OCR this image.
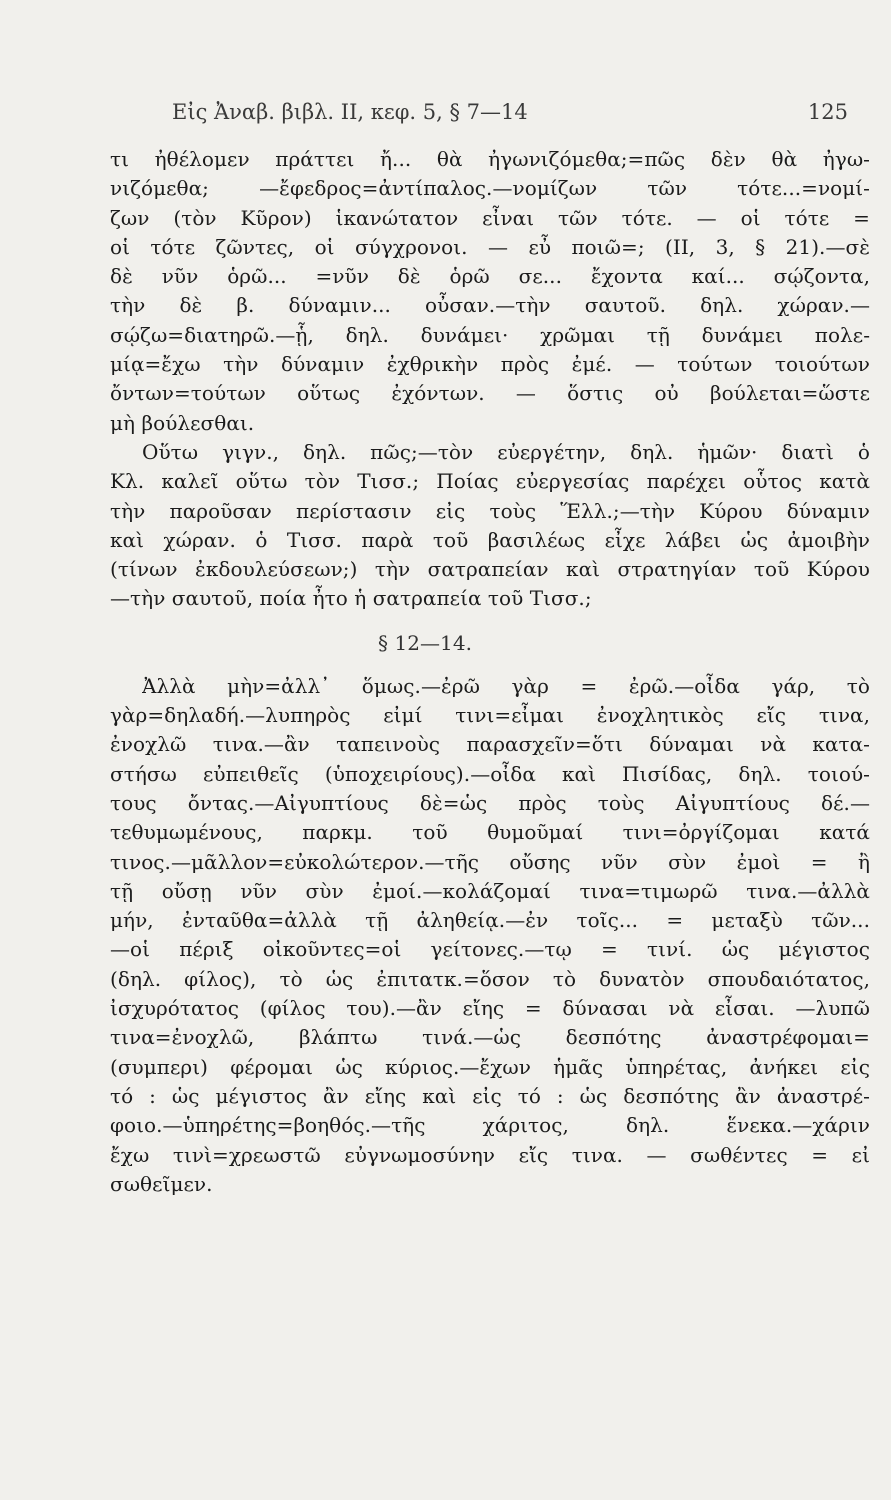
Εἰς Ἀναβ. βιβλ. II, κεφ. 5, § 7—14	125
τι ἠθέλομεν πράττει ἤ... θὰ ἠγωνιζόμεθα;=πῶς δὲν θὰ ἠγω-
νιζόμεθα; —ἔφεδρος=ἀντίπαλος.—νομίζων τῶν τότε...=νομί-
ζων (τὸν Κῦρον) ἱκανώτατον εἶναι τῶν τότε. — οἱ τότε =
οἱ τότε ζῶντες, οἱ σύγχρονοι. — εὖ ποιῶ=; (II, 3, § 21).—σὲ
δὲ νῦν ὁρῶ... =νῦν δὲ ὁρῶ σε... ἔχοντα καί... σῴζοντα,
τὴν δὲ β. δύναμιν... οὖσαν.—τὴν σαυτοῦ. δηλ. χώραν.—
σῴζω=διατηρῶ.—ᾗ, δηλ. δυνάμει· χρῶμαι τῇ δυνάμει πολε-
μίᾳ=ἔχω τὴν δύναμιν ἐχθρικὴν πρὸς ἐμέ. — τούτων τοιούτων
ὄντων=τούτων οὕτως ἐχόντων. — ὅστις οὐ βούλεται=ὥστε
μὴ βούλεσθαι.
Οὕτω γιγν., δηλ. πῶς;—τὸν εὐεργέτην, δηλ. ἡμῶν· διατὶ ὁ
Κλ. καλεῖ οὕτω τὸν Τισσ.; Ποίας εὐεργεσίας παρέχει οὗτος κατὰ
τὴν παροῦσαν περίστασιν εἰς τοὺς Ἕλλ.;—τὴν Κύρου δύναμιν
καὶ χώραν. ὁ Τισσ. παρὰ τοῦ βασιλέως εἶχε λάβει ὡς ἀμοιβὴν
(τίνων ἐκδουλεύσεων;) τὴν σατραπείαν καὶ στρατηγίαν τοῦ Κύρου
—τὴν σαυτοῦ, ποία ἦτο ἡ σατραπεία τοῦ Τισσ.;
§ 12—14.
Ἀλλὰ μὴν=ἀλλ᾽ ὅμως.—ἐρῶ γὰρ = ἐρῶ.—οἶδα γάρ, τὸ
γὰρ=δηλαδή.—λυπηρὸς εἰμί τινι=εἶμαι ἐνοχλητικὸς εἴς τινα,
ἐνοχλῶ τινα.—ἂν ταπεινοὺς παρασχεῖν=ὅτι δύναμαι νὰ κατα-
στήσω εὐπειθεῖς (ὑποχειρίους).—οἶδα καὶ Πισίδας, δηλ. τοιού-
τους ὄντας.—Αἰγυπτίους δὲ=ὡς πρὸς τοὺς Αἰγυπτίους δέ.—
τεθυμωμένους, παρκμ. τοῦ θυμοῦμαί τινι=ὀργίζομαι κατά
τινος.—μᾶλλον=εὐκολώτερον.—τῆς οὔσης νῦν σὺν ἐμοὶ = ἢ
τῇ οὔσῃ νῦν σὺν ἐμοί.—κολάζομαί τινα=τιμωρῶ τινα.—ἀλλὰ
μήν, ἐνταῦθα=ἀλλὰ τῇ ἀληθείᾳ.—ἐν τοῖς... = μεταξὺ τῶν...
—οἱ πέριξ οἰκοῦντες=οἱ γείτονες.—τῳ = τινί. ὡς μέγιστος
(δηλ. φίλος), τὸ ὡς ἐπιτατκ.=ὅσον τὸ δυνατὸν σπουδαιότατος,
ἰσχυρότατος (φίλος του).—ἂν εἴης = δύνασαι νὰ εἶσαι. —λυπῶ
τινα=ἐνοχλῶ, βλάπτω τινά.—ὡς δεσπότης ἀναστρέφομαι=
(συμπερι) φέρομαι ὡς κύριος.—ἔχων ἡμᾶς ὑπηρέτας, ἀνήκει εἰς
τό : ὡς μέγιστος ἂν εἴης καὶ εἰς τό : ὡς δεσπότης ἂν ἀναστρέ-
φοιο.—ὑπηρέτης=βοηθός.—τῆς χάριτος, δηλ. ἕνεκα.—χάριν
ἔχω τινὶ=χρεωστῶ εὐγνωμοσύνην εἴς τινα. — σωθέντες = εἰ
σωθεῖμεν.
